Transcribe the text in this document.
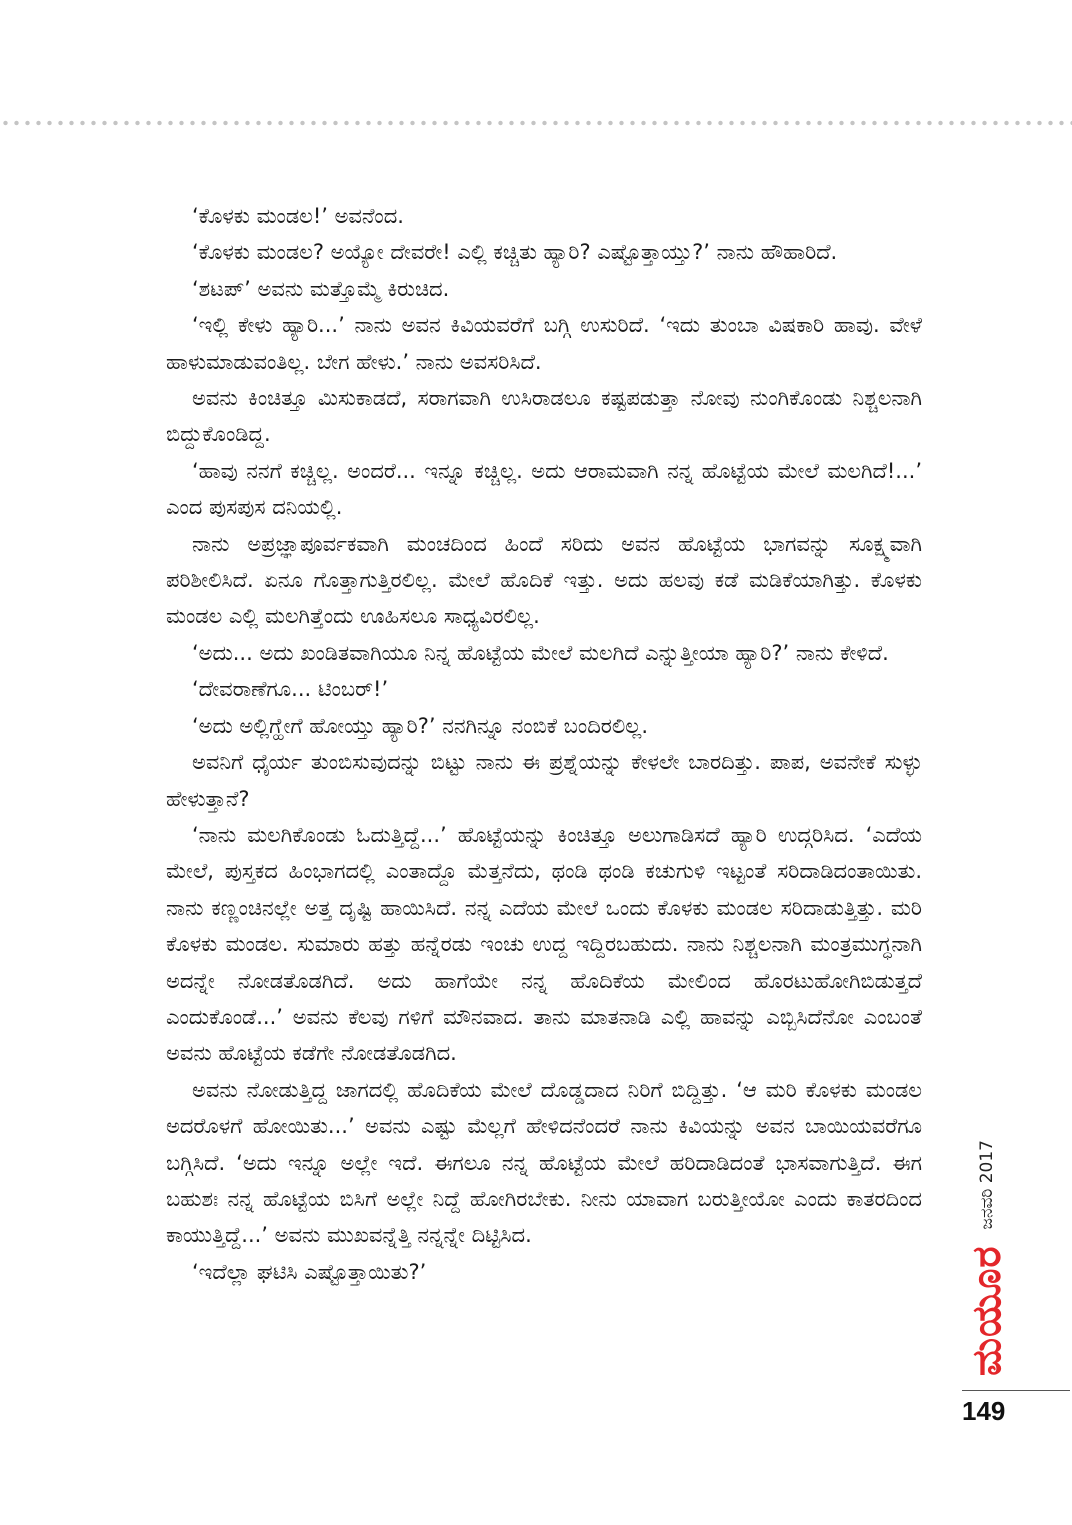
‘ಕೊಳಕು ಮಂಡಲ!’ ಅವನೆಂದ.

‘ಕೊಳಕು ಮಂಡಲ? ಅಯ್ಯೋ ದೇವರೇ! ಎಲ್ಲಿ ಕಚ್ಚಿತು ಹ್ಯಾರಿ? ಎಷ್ಟೊತ್ತಾಯ್ತು?’ ನಾನು ಹೌಹಾರಿದೆ.

‘ಶಟಪ್’ ಅವನು ಮತ್ತೊಮ್ಮೆ ಕಿರುಚಿದ.

‘ಇಲ್ಲಿ ಕೇಳು ಹ್ಯಾರಿ...’ ನಾನು ಅವನ ಕಿವಿಯವರೆಗೆ ಬಗ್ಗಿ ಉಸುರಿದೆ. ‘ಇದು ತುಂಬಾ ವಿಷಕಾರಿ ಹಾವು. ವೇಳೆ ಹಾಳುಮಾಡುವಂತಿಲ್ಲ. ಬೇಗ ಹೇಳು.’ ನಾನು ಅವಸರಿಸಿದೆ.

ಅವನು ಕಿಂಚಿತ್ತೂ ಮಿಸುಕಾಡದೆ, ಸರಾಗವಾಗಿ ಉಸಿರಾಡಲೂ ಕಷ್ಟಪಡುತ್ತಾ ನೋವು ನುಂಗಿಕೊಂಡು ನಿಶ್ಚಲನಾಗಿ ಬಿದ್ದುಕೊಂಡಿದ್ದ.

‘ಹಾವು ನನಗೆ ಕಚ್ಚಿಲ್ಲ. ಅಂದರೆ... ಇನ್ನೂ ಕಚ್ಚಿಲ್ಲ. ಅದು ಆರಾಮವಾಗಿ ನನ್ನ ಹೊಟ್ಟೆಯ ಮೇಲೆ ಮಲಗಿದೆ!...’ ಎಂದ ಪುಸಪುಸ ದನಿಯಲ್ಲಿ.

ನಾನು ಅಪ್ರಜ್ಞಾಪೂರ್ವಕವಾಗಿ ಮಂಚದಿಂದ ಹಿಂದೆ ಸರಿದು ಅವನ ಹೊಟ್ಟೆಯ ಭಾಗವನ್ನು ಸೂಕ್ಷ್ಮವಾಗಿ ಪರಿಶೀಲಿಸಿದೆ. ಏನೂ ಗೊತ್ತಾಗುತ್ತಿರಲಿಲ್ಲ. ಮೇಲೆ ಹೊದಿಕೆ ಇತ್ತು. ಅದು ಹಲವು ಕಡೆ ಮಡಿಕೆಯಾಗಿತ್ತು. ಕೊಳಕು ಮಂಡಲ ಎಲ್ಲಿ ಮಲಗಿತ್ತೆಂದು ಊಹಿಸಲೂ ಸಾಧ್ಯವಿರಲಿಲ್ಲ.

‘ಅದು... ಅದು ಖಂಡಿತವಾಗಿಯೂ ನಿನ್ನ ಹೊಟ್ಟೆಯ ಮೇಲೆ ಮಲಗಿದೆ ಎನ್ನುತ್ತೀಯಾ ಹ್ಯಾರಿ?’ ನಾನು ಕೇಳಿದೆ.

‘ದೇವರಾಣೆಗೂ... ಟಿಂಬರ್!’

‘ಅದು ಅಲ್ಲಿಗ್ಹೇಗೆ ಹೋಯ್ತು ಹ್ಯಾರಿ?’ ನನಗಿನ್ನೂ ನಂಬಿಕೆ ಬಂದಿರಲಿಲ್ಲ.

ಅವನಿಗೆ ಧೈರ್ಯ ತುಂಬಿಸುವುದನ್ನು ಬಿಟ್ಟು ನಾನು ಈ ಪ್ರಶ್ನೆಯನ್ನು ಕೇಳಲೇ ಬಾರದಿತ್ತು. ಪಾಪ, ಅವನೇಕೆ ಸುಳ್ಳು ಹೇಳುತ್ತಾನೆ?

‘ನಾನು ಮಲಗಿಕೊಂಡು ಓದುತ್ತಿದ್ದೆ...’ ಹೊಟ್ಟೆಯನ್ನು ಕಿಂಚಿತ್ತೂ ಅಲುಗಾಡಿಸದೆ ಹ್ಯಾರಿ ಉದ್ಗರಿಸಿದ. ‘ಎದೆಯ ಮೇಲೆ, ಪುಸ್ತಕದ ಹಿಂಭಾಗದಲ್ಲಿ ಎಂತಾದ್ದೊ ಮೆತ್ತನೆದು, ಥಂಡಿ ಥಂಡಿ ಕಚುಗುಳಿ ಇಟ್ಟಂತೆ ಸರಿದಾಡಿದಂತಾಯಿತು. ನಾನು ಕಣ್ಣಂಚಿನಲ್ಲೇ ಅತ್ತ ದೃಷ್ಟಿ ಹಾಯಿಸಿದೆ. ನನ್ನ ಎದೆಯ ಮೇಲೆ ಒಂದು ಕೊಳಕು ಮಂಡಲ ಸರಿದಾಡುತ್ತಿತ್ತು. ಮರಿ ಕೊಳಕು ಮಂಡಲ. ಸುಮಾರು ಹತ್ತು ಹನ್ನೆರಡು ಇಂಚು ಉದ್ದ ಇದ್ದಿರಬಹುದು. ನಾನು ನಿಶ್ಚಲನಾಗಿ ಮಂತ್ರಮುಗ್ಧನಾಗಿ ಅದನ್ನೇ ನೋಡತೊಡಗಿದೆ. ಅದು ಹಾಗೆಯೇ ನನ್ನ ಹೊದಿಕೆಯ ಮೇಲಿಂದ ಹೊರಟುಹೋಗಿಬಿಡುತ್ತದೆ ಎಂದುಕೊಂಡೆ...’ ಅವನು ಕೆಲವು ಗಳಿಗೆ ಮೌನವಾದ. ತಾನು ಮಾತನಾಡಿ ಎಲ್ಲಿ ಹಾವನ್ನು ಎಬ್ಬಿಸಿದೆನೋ ಎಂಬಂತೆ ಅವನು ಹೊಟ್ಟೆಯ ಕಡೆಗೇ ನೋಡತೊಡಗಿದ.

ಅವನು ನೋಡುತ್ತಿದ್ದ ಜಾಗದಲ್ಲಿ ಹೊದಿಕೆಯ ಮೇಲೆ ದೊಡ್ಡದಾದ ನಿರಿಗೆ ಬಿದ್ದಿತ್ತು. ‘ಆ ಮರಿ ಕೊಳಕು ಮಂಡಲ ಅದರೊಳಗೆ ಹೋಯಿತು...’ ಅವನು ಎಷ್ಟು ಮೆಲ್ಲಗೆ ಹೇಳಿದನೆಂದರೆ ನಾನು ಕಿವಿಯನ್ನು ಅವನ ಬಾಯಿಯವರೆಗೂ ಬಗ್ಗಿಸಿದೆ. ‘ಅದು ಇನ್ನೂ ಅಲ್ಲೇ ಇದೆ. ಈಗಲೂ ನನ್ನ ಹೊಟ್ಟೆಯ ಮೇಲೆ ಹರಿದಾಡಿದಂತೆ ಭಾಸವಾಗುತ್ತಿದೆ. ಈಗ ಬಹುಶಃ ನನ್ನ ಹೊಟ್ಟೆಯ ಬಿಸಿಗೆ ಅಲ್ಲೇ ನಿದ್ದೆ ಹೋಗಿರಬೇಕು. ನೀನು ಯಾವಾಗ ಬರುತ್ತೀಯೋ ಎಂದು ಕಾತರದಿಂದ ಕಾಯುತ್ತಿದ್ದೆ...’ ಅವನು ಮುಖವನ್ನೆತ್ತಿ ನನ್ನನ್ನೇ ದಿಟ್ಟಿಸಿದ.

‘ಇದೆಲ್ಲಾ ಘಟಿಸಿ ಎಷ್ಟೊತ್ತಾಯಿತು?’	ಮಯೂರ
ಜನವರಿ 2017
149
